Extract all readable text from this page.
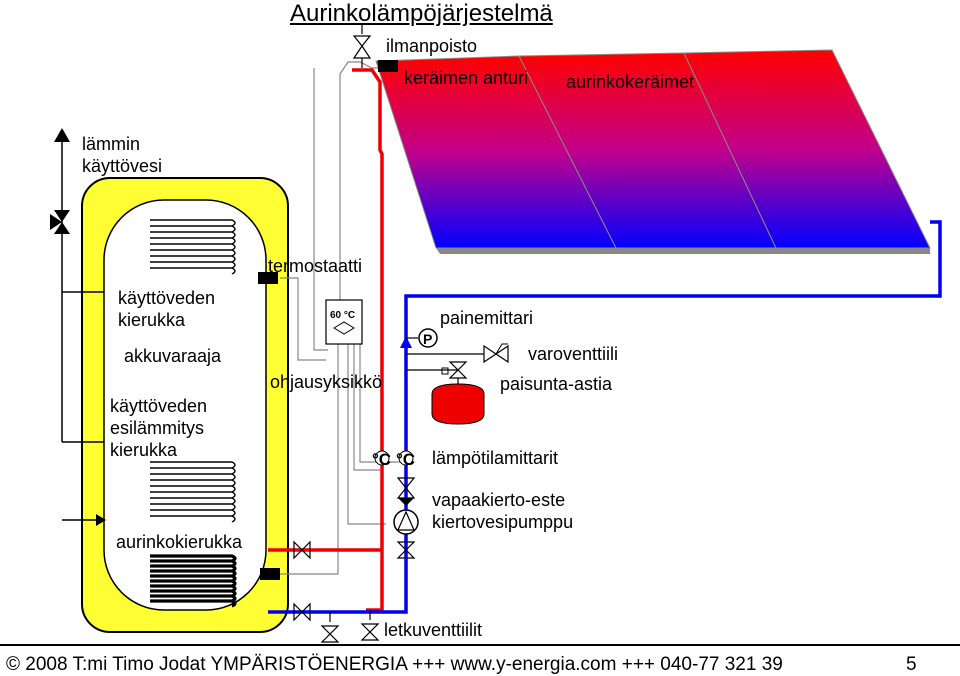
60 °C
P
Aurinkolämpöjärjestelmä
ilmanpoisto
keräimen anturi aurinkokeräimet
lämmin
käyttövesi
termostaatti
käyttöveden
kierukka
akkuvaraaja
käyttöveden
esilämmitys
kierukka
ohjausyksikkö
painemittari
varoventtiili
paisunta-astia
°C °C lämpötilamittarit
vapaakierto-este
kiertovesipumppu
aurinkokierukka
letkuventtiilit
© 2008 T:mi Timo Jodat YMPÄRISTÖENERGIA +++ www.y-energia.com +++ 040-77 321 39	5
